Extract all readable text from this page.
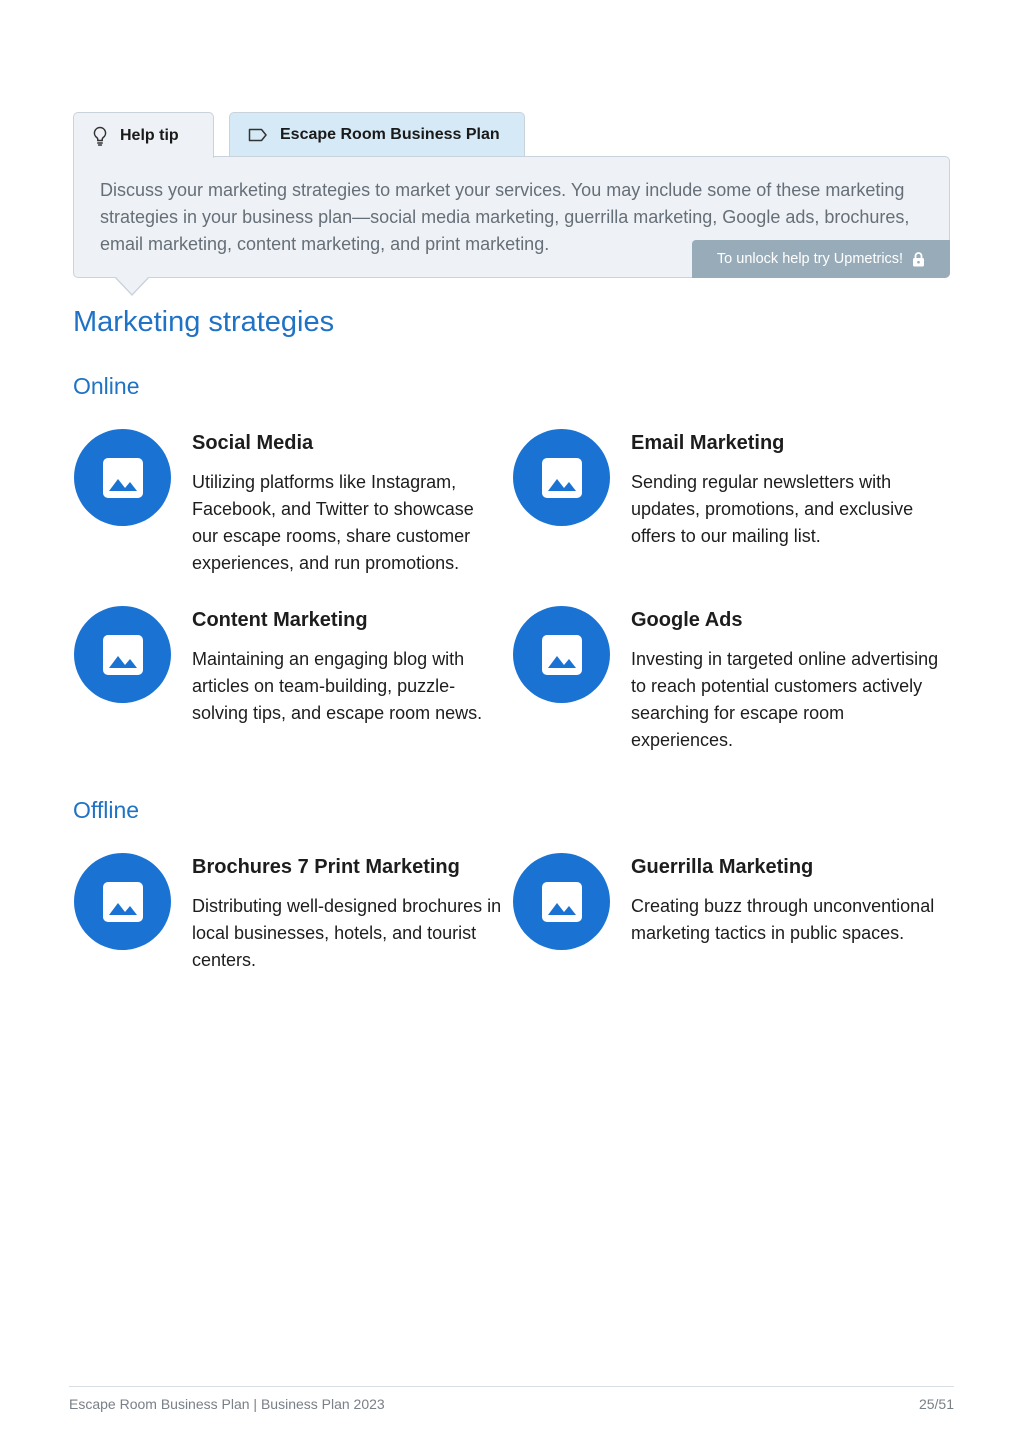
Help tip	Escape Room Business Plan
Discuss your marketing strategies to market your services. You may include some of these marketing strategies in your business plan—social media marketing, guerrilla marketing, Google ads, brochures, email marketing, content marketing, and print marketing.
To unlock help try Upmetrics!
Marketing strategies
Online
Social Media
Utilizing platforms like Instagram, Facebook, and Twitter to showcase our escape rooms, share customer experiences, and run promotions.
Email Marketing
Sending regular newsletters with updates, promotions, and exclusive offers to our mailing list.
Content Marketing
Maintaining an engaging blog with articles on team-building, puzzle-solving tips, and escape room news.
Google Ads
Investing in targeted online advertising to reach potential customers actively searching for escape room experiences.
Offline
Brochures 7 Print Marketing
Distributing well-designed brochures in local businesses, hotels, and tourist centers.
Guerrilla Marketing
Creating buzz through unconventional marketing tactics in public spaces.
Escape Room Business Plan | Business Plan 2023	25/51
